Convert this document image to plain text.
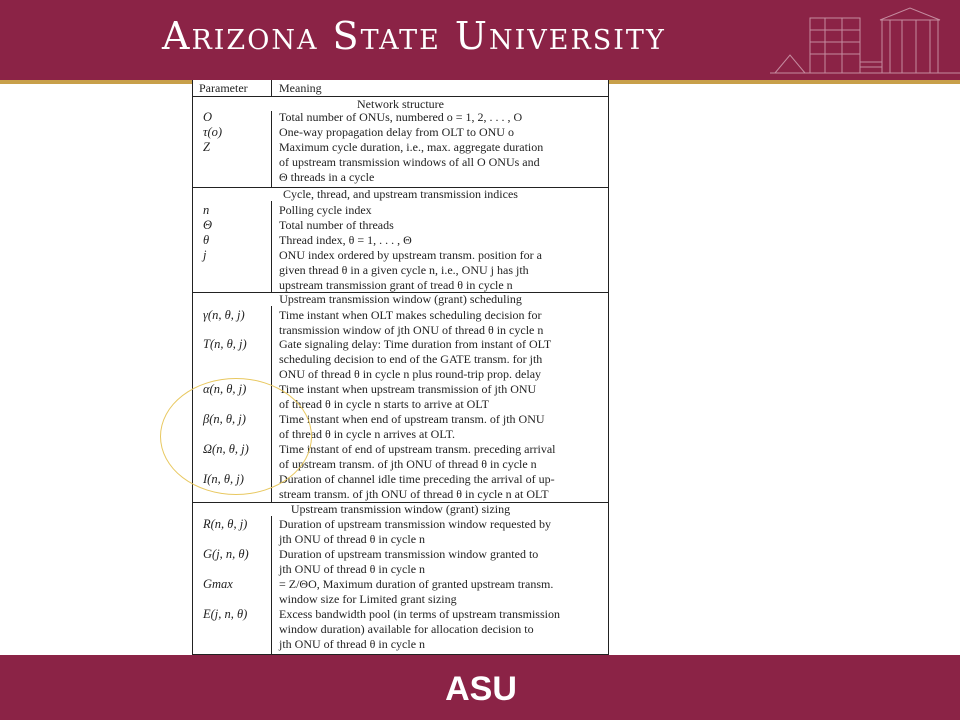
Arizona State University
Parameter	Meaning
Network structure
O	Total number of ONUs, numbered o = 1, 2, . . . , O
τ(o)	One-way propagation delay from OLT to ONU o
Z	Maximum cycle duration, i.e., max. aggregate duration
of upstream transmission windows of all O ONUs and
Θ threads in a cycle
Cycle, thread, and upstream transmission indices
n	Polling cycle index
Θ	Total number of threads
θ	Thread index, θ = 1, . . . , Θ
j	ONU index ordered by upstream transm. position for a
given thread θ in a given cycle n, i.e., ONU j has jth
upstream transmission grant of tread θ in cycle n
Upstream transmission window (grant) scheduling
γ(n, θ, j)	Time instant when OLT makes scheduling decision for
transmission window of jth ONU of thread θ in cycle n
T(n, θ, j)	Gate signaling delay: Time duration from instant of OLT
scheduling decision to end of the GATE transm. for jth
ONU of thread θ in cycle n plus round-trip prop. delay
α(n, θ, j)	Time instant when upstream transmission of jth ONU
of thread θ in cycle n starts to arrive at OLT
β(n, θ, j)	Time instant when end of upstream transm. of jth ONU
of thread θ in cycle n arrives at OLT.
Ω(n, θ, j)	Time instant of end of upstream transm. preceding arrival
of upstream transm. of jth ONU of thread θ in cycle n
I(n, θ, j)	Duration of channel idle time preceding the arrival of up-
stream transm. of jth ONU of thread θ in cycle n at OLT
Upstream transmission window (grant) sizing
R(n, θ, j)	Duration of upstream transmission window requested by
jth ONU of thread θ in cycle n
G(j, n, θ)	Duration of upstream transmission window granted to
jth ONU of thread θ in cycle n
Gmax	= Z/ΘO, Maximum duration of granted upstream transm.
window size for Limited grant sizing
E(j, n, θ)	Excess bandwidth pool (in terms of upstream transmission
window duration) available for allocation decision to
jth ONU of thread θ in cycle n
ASU
